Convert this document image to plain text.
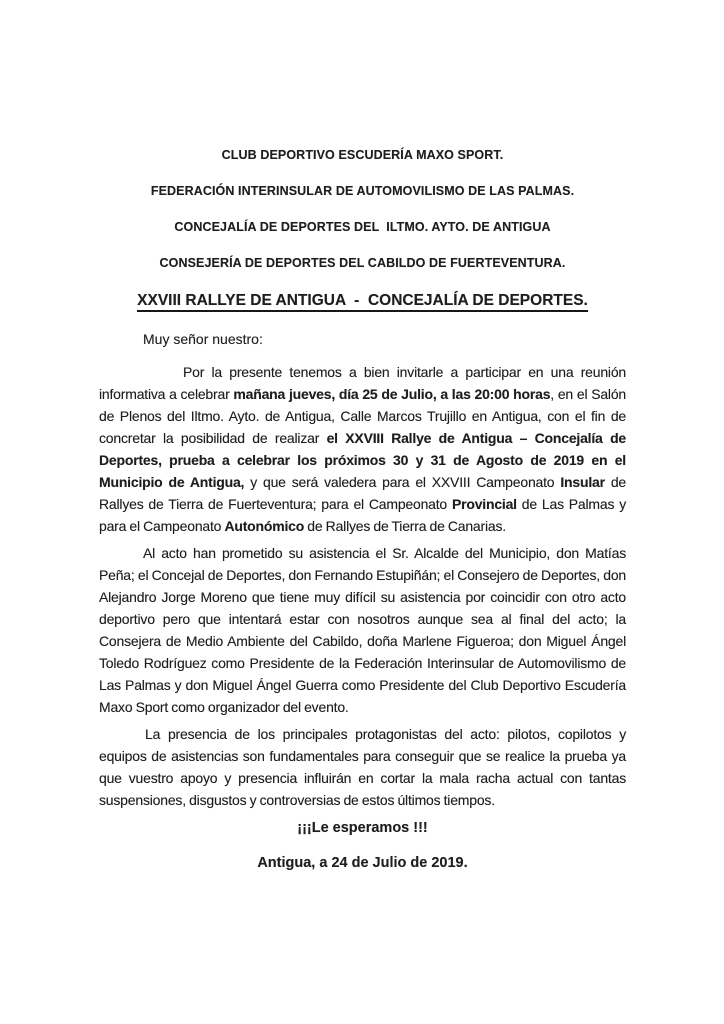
CLUB DEPORTIVO ESCUDERÍA MAXO SPORT.
FEDERACIÓN INTERINSULAR DE AUTOMOVILISMO DE LAS PALMAS.
CONCEJALÍA DE DEPORTES DEL  ILTMO. AYTO. DE ANTIGUA
CONSEJERÍA DE DEPORTES DEL CABILDO DE FUERTEVENTURA.
XXVIII RALLYE DE ANTIGUA  -  CONCEJALÍA DE DEPORTES.

Muy señor nuestro:

Por la presente tenemos a bien invitarle a participar en una reunión informativa a celebrar mañana jueves, día 25 de Julio, a las 20:00 horas, en el Salón de Plenos del Iltmo. Ayto. de Antigua, Calle Marcos Trujillo en Antigua, con el fin de concretar la posibilidad de realizar el XXVIII Rallye de Antigua – Concejalía de Deportes, prueba a celebrar los próximos 30 y 31 de Agosto de 2019 en el Municipio de Antigua, y que será valedera para el XXVIII Campeonato Insular de Rallyes de Tierra de Fuerteventura; para el Campeonato Provincial de Las Palmas y para el Campeonato Autonómico de Rallyes de Tierra de Canarias.

Al acto han prometido su asistencia el Sr. Alcalde del Municipio, don Matías Peña; el Concejal de Deportes, don Fernando Estupiñán; el Consejero de Deportes, don Alejandro Jorge Moreno que tiene muy difícil su asistencia por coincidir con otro acto deportivo pero que intentará estar con nosotros aunque sea al final del acto; la Consejera de Medio Ambiente del Cabildo, doña Marlene Figueroa; don Miguel Ángel Toledo Rodríguez como Presidente de la Federación Interinsular de Automovilismo de Las Palmas y don Miguel Ángel Guerra como Presidente del Club Deportivo Escudería Maxo Sport como organizador del evento.

La presencia de los principales protagonistas del acto: pilotos, copilotos y equipos de asistencias son fundamentales para conseguir que se realice la prueba ya que vuestro apoyo y presencia influirán en cortar la mala racha actual con tantas suspensiones, disgustos y controversias de estos últimos tiempos.

¡¡¡Le esperamos !!!

Antigua, a 24 de Julio de 2019.
